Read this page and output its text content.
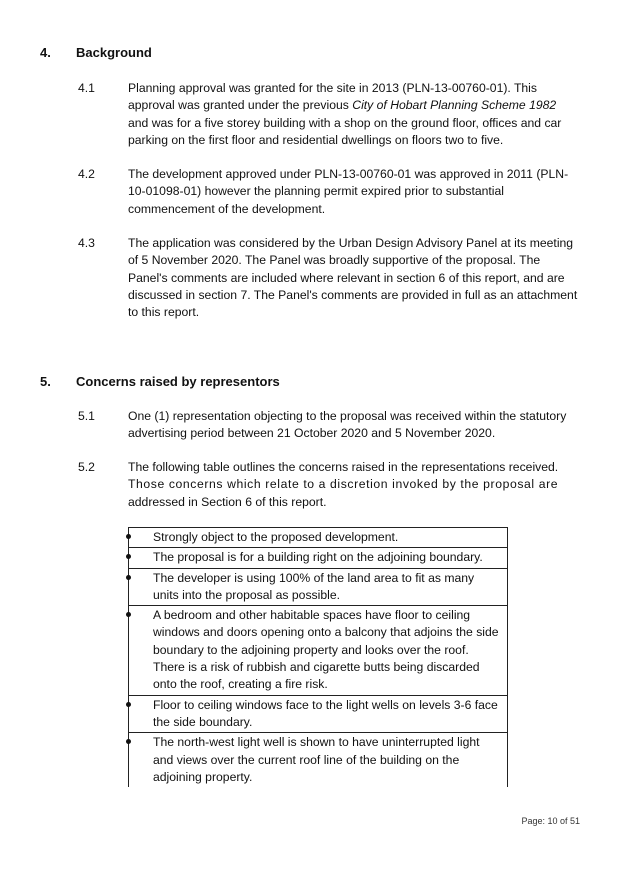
4. Background
4.1	Planning approval was granted for the site in 2013 (PLN-13-00760-01). This approval was granted under the previous City of Hobart Planning Scheme 1982 and was for a five storey building with a shop on the ground floor, offices and car parking on the first floor and residential dwellings on floors two to five.
4.2	The development approved under PLN-13-00760-01 was approved in 2011 (PLN-10-01098-01) however the planning permit expired prior to substantial commencement of the development.
4.3	The application was considered by the Urban Design Advisory Panel at its meeting of 5 November 2020. The Panel was broadly supportive of the proposal. The Panel's comments are included where relevant in section 6 of this report, and are discussed in section 7. The Panel's comments are provided in full as an attachment to this report.
5. Concerns raised by representors
5.1	One (1) representation objecting to the proposal was received within the statutory advertising period between 21 October 2020 and 5 November 2020.
5.2	The following table outlines the concerns raised in the representations received. Those concerns which relate to a discretion invoked by the proposal are addressed in Section 6 of this report.
Strongly object to the proposed development.

The proposal is for a building right on the adjoining boundary.

The developer is using 100% of the land area to fit as many units into the proposal as possible.

A bedroom and other habitable spaces have floor to ceiling windows and doors opening onto a balcony that adjoins the side boundary to the adjoining property and looks over the roof. There is a risk of rubbish and cigarette butts being discarded onto the roof, creating a fire risk.

Floor to ceiling windows face to the light wells on levels 3-6 face the side boundary.

The north-west light well is shown to have uninterrupted light and views over the current roof line of the building on the adjoining property.
Page: 10 of 51
